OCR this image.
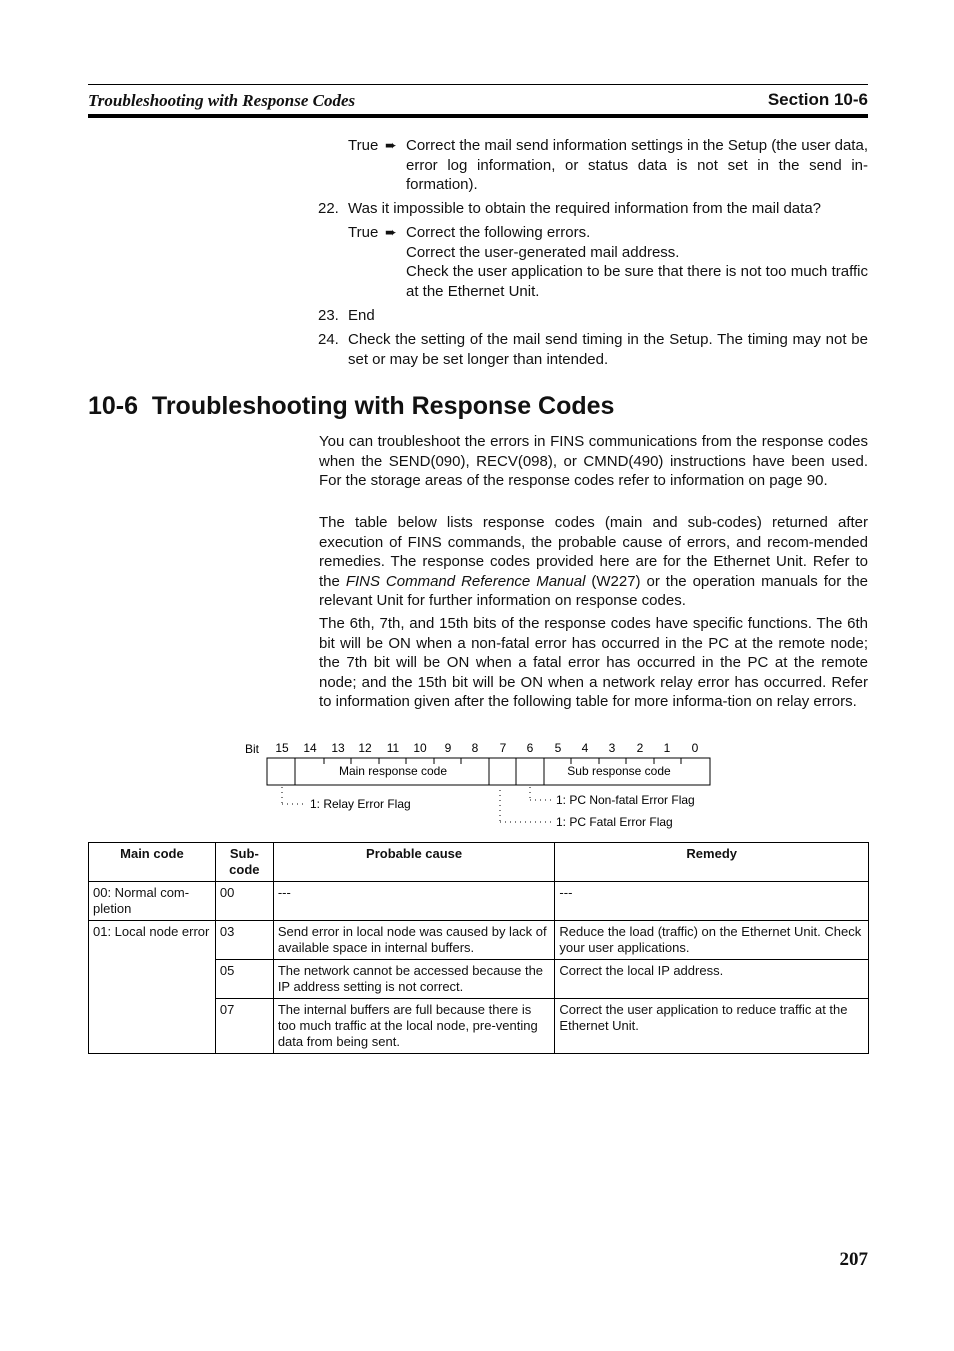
Troubleshooting with Response Codes	Section 10-6
True ➨ Correct the mail send information settings in the Setup (the user data, error log information, or status data is not set in the send in-formation).
22. Was it impossible to obtain the required information from the mail data?
True ➨ Correct the following errors.
Correct the user-generated mail address.
Check the user application to be sure that there is not too much traffic at the Ethernet Unit.
23. End
24. Check the setting of the mail send timing in the Setup. The timing may not be set or may be set longer than intended.
10-6  Troubleshooting with Response Codes
You can troubleshoot the errors in FINS communications from the response codes when the SEND(090), RECV(098), or CMND(490) instructions have been used. For the storage areas of the response codes refer to information on page 90.
The table below lists response codes (main and sub-codes) returned after execution of FINS commands, the probable cause of errors, and recom-mended remedies. The response codes provided here are for the Ethernet Unit. Refer to the FINS Command Reference Manual (W227) or the operation manuals for the relevant Unit for further information on response codes.
The 6th, 7th, and 15th bits of the response codes have specific functions. The 6th bit will be ON when a non-fatal error has occurred in the PC at the remote node; the 7th bit will be ON when a fatal error has occurred in the PC at the remote node; and the 15th bit will be ON when a network relay error has occurred. Refer to information given after the following table for more informa-tion on relay errors.
Bit 15 14 13 12 11 10 9 8 7 6 5 4 3 2 1 0
Main response code	Sub response code
1: Relay Error Flag	1: PC Non-fatal Error Flag
1: PC Fatal Error Flag
Main code	Sub-code	Probable cause	Remedy
00: Normal com-pletion	00	---	---
01: Local node error	03	Send error in local node was caused by lack of available space in internal buffers.	Reduce the load (traffic) on the Ethernet Unit. Check your user applications.
	05	The network cannot be accessed because the IP address setting is not correct.	Correct the local IP address.
	07	The internal buffers are full because there is too much traffic at the local node, pre-venting data from being sent.	Correct the user application to reduce traffic at the Ethernet Unit.
207
